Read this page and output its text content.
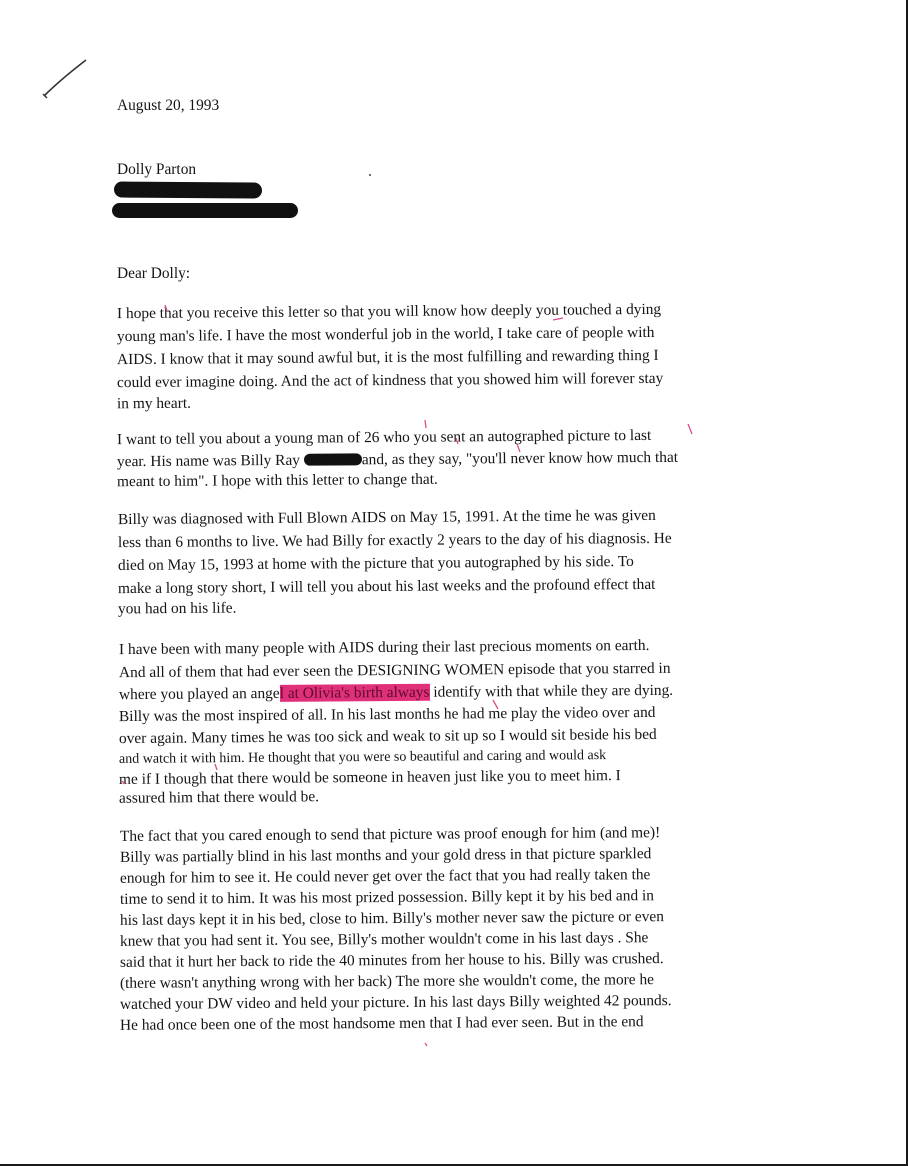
August 20, 1993
Dolly Parton
Dear Dolly:
I hope that you receive this letter so that you will know how deeply you touched a dying
young man's life. I have the most wonderful job in the world, I take care of people with
AIDS. I know that it may sound awful but, it is the most fulfilling and rewarding thing I
could ever imagine doing. And the act of kindness that you showed him will forever stay
in my heart.
I want to tell you about a young man of 26 who you sent an autographed picture to last
year. His name was Billy Ray	and, as they say, "you'll never know how much that
meant to him". I hope with this letter to change that.
Billy was diagnosed with Full Blown AIDS on May 15, 1991. At the time he was given
less than 6 months to live. We had Billy for exactly 2 years to the day of his diagnosis. He
died on May 15, 1993 at home with the picture that you autographed by his side. To
make a long story short, I will tell you about his last weeks and the profound effect that
you had on his life.
I have been with many people with AIDS during their last precious moments on earth.
And all of them that had ever seen the DESIGNING WOMEN episode that you starred in
where you played an angel at Olivia's birth always identify with that while they are dying.
Billy was the most inspired of all. In his last months he had me play the video over and
over again. Many times he was too sick and weak to sit up so I would sit beside his bed
and watch it with him. He thought that you were so beautiful and caring and would ask
me if I though that there would be someone in heaven just like you to meet him. I
assured him that there would be.
The fact that you cared enough to send that picture was proof enough for him (and me)!
Billy was partially blind in his last months and your gold dress in that picture sparkled
enough for him to see it. He could never get over the fact that you had really taken the
time to send it to him. It was his most prized possession. Billy kept it by his bed and in
his last days kept it in his bed, close to him. Billy's mother never saw the picture or even
knew that you had sent it. You see, Billy's mother wouldn't come in his last days . She
said that it hurt her back to ride the 40 minutes from her house to his. Billy was crushed.
(there wasn't anything wrong with her back) The more she wouldn't come, the more he
watched your DW video and held your picture. In his last days Billy weighted 42 pounds.
He had once been one of the most handsome men that I had ever seen. But in the end
